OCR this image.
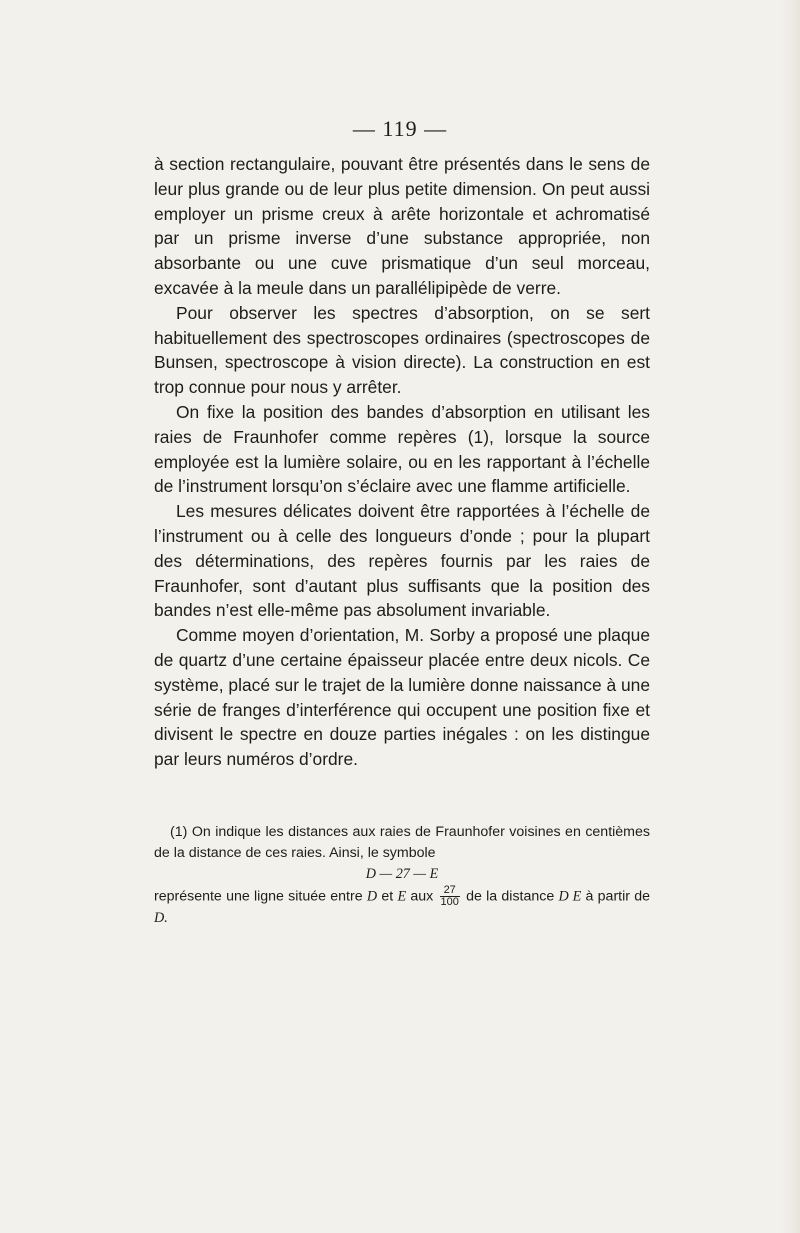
— 119 —

à section rectangulaire, pouvant être présentés dans le sens de leur plus grande ou de leur plus petite dimension. On peut aussi employer un prisme creux à arête horizontale et achromatisé par un prisme inverse d’une substance appropriée, non absorbante ou une cuve prismatique d’un seul morceau, excavée à la meule dans un parallélipipède de verre.

Pour observer les spectres d’absorption, on se sert habituellement des spectroscopes ordinaires (spectroscopes de Bunsen, spectroscope à vision directe). La construction en est trop connue pour nous y arrêter.

On fixe la position des bandes d’absorption en utilisant les raies de Fraunhofer comme repères (1), lorsque la source employée est la lumière solaire, ou en les rapportant à l’échelle de l’instrument lorsqu’on s’éclaire avec une flamme artificielle.

Les mesures délicates doivent être rapportées à l’échelle de l’instrument ou à celle des longueurs d’onde ; pour la plupart des déterminations, des repères fournis par les raies de Fraunhofer, sont d’autant plus suffisants que la position des bandes n’est elle-même pas absolument invariable.

Comme moyen d’orientation, M. Sorby a proposé une plaque de quartz d’une certaine épaisseur placée entre deux nicols. Ce système, placé sur le trajet de la lumière donne naissance à une série de franges d’interférence qui occupent une position fixe et divisent le spectre en douze parties inégales : on les distingue par leurs numéros d’ordre.

(1) On indique les distances aux raies de Fraunhofer voisines en centièmes de la distance de ces raies. Ainsi, le symbole

D — 27 — E

représente une ligne située entre D et E aux $\frac{27}{100}$ de la distance D E à partir de D.
